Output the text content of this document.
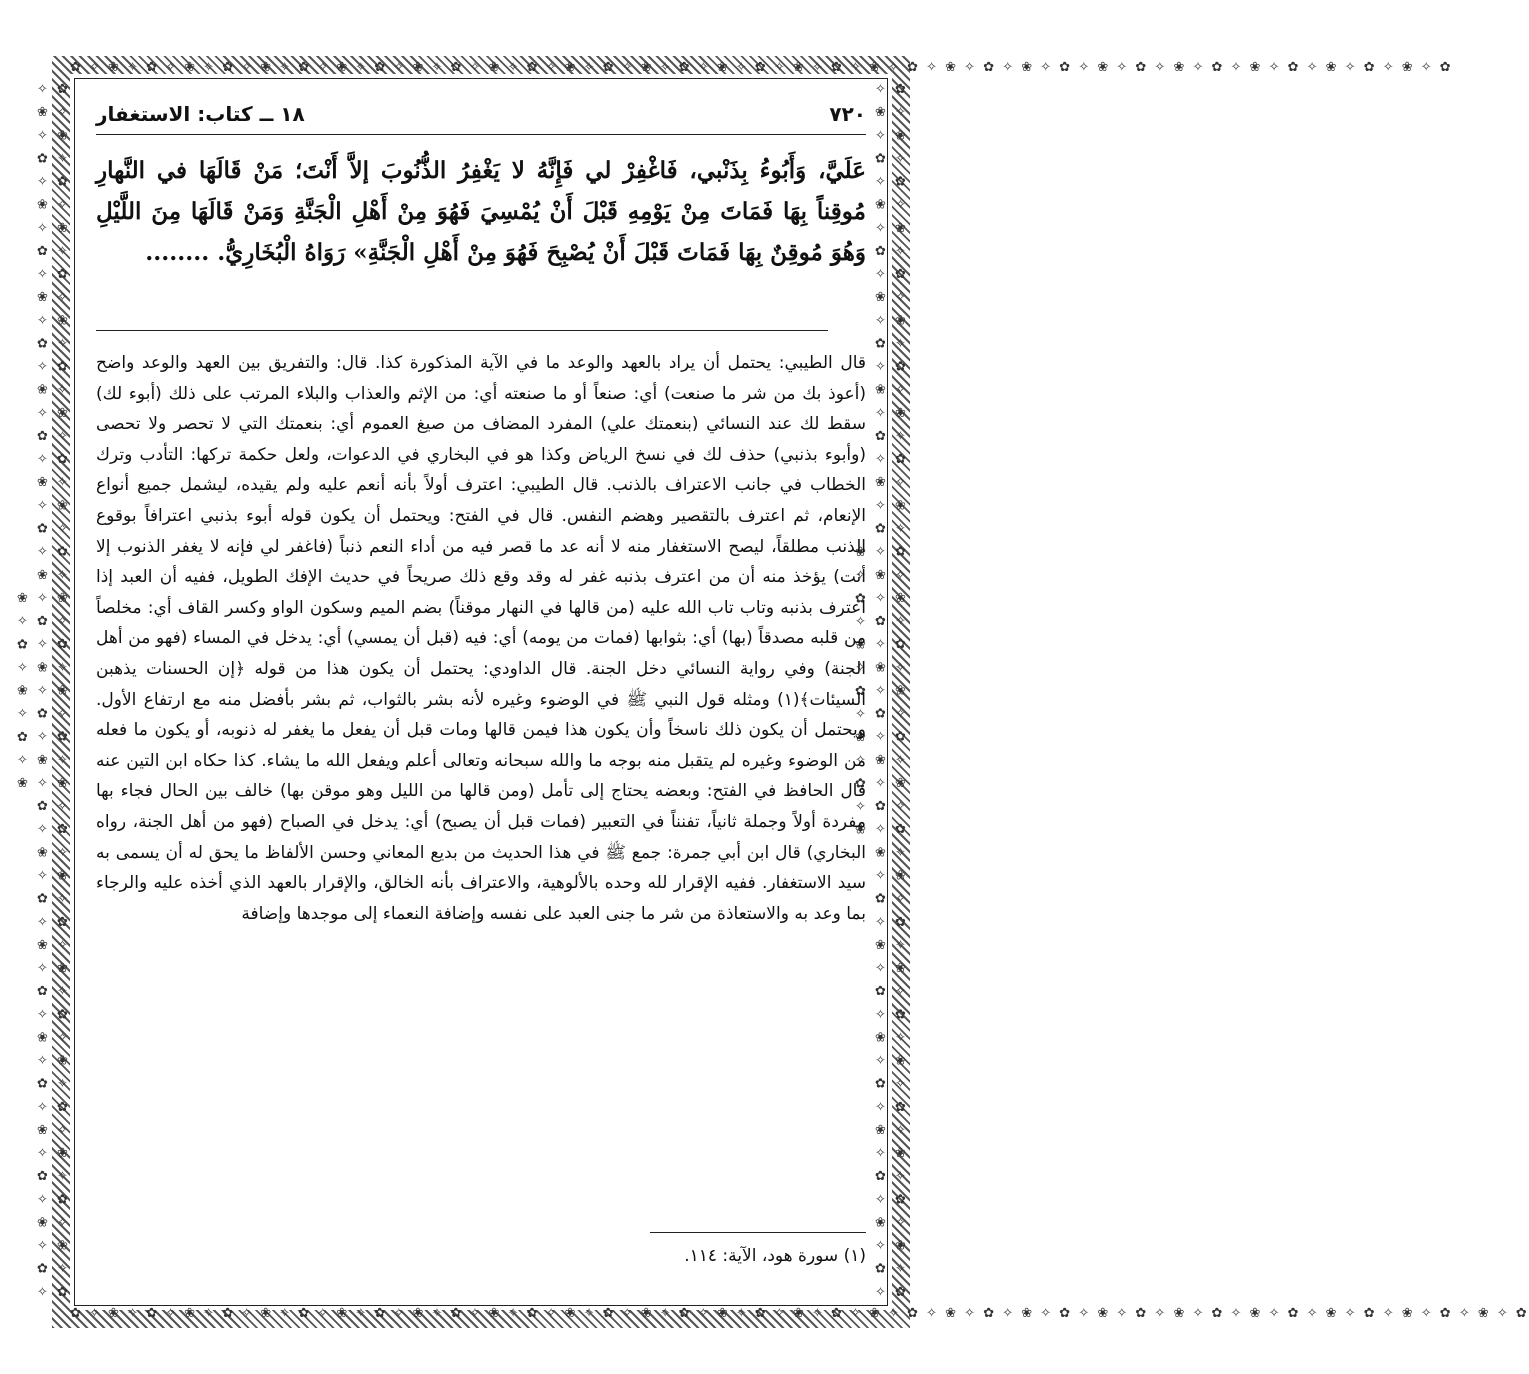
✿ ✧ ❀ ✧ ✿ ✧ ❀ ✧ ✿ ✧ ❀ ✧ ✿ ✧ ❀ ✧ ✿ ✧ ❀ ✧ ✿ ✧ ❀ ✧ ✿ ✧ ❀ ✧ ✿ ✧ ❀ ✧ ✿ ✧ ❀ ✧ ✿ ✧ ❀ ✧ ✿ ✧ ❀ ✧ ✿ ✧ ❀ ✧ ✿ ✧ ❀ ✧ ✿ ✧ ❀ ✧ ✿ ✧ ❀ ✧ ✿ ✧ ❀ ✧ ✿ ✧ ❀ ✧ ✿ ✧ ❀ ✧ ✿
✿ ✧ ❀ ✧ ✿ ✧ ❀ ✧ ✿ ✧ ❀ ✧ ✿ ✧ ❀ ✧ ✿ ✧ ❀ ✧ ✿ ✧ ❀ ✧ ✿ ✧ ❀ ✧ ✿ ✧ ❀ ✧ ✿ ✧ ❀ ✧ ✿ ✧ ❀ ✧ ✿ ✧ ❀ ✧ ✿ ✧ ❀ ✧ ✿ ✧ ❀ ✧ ✿ ✧ ❀ ✧ ✿ ✧ ❀ ✧ ✿ ✧ ❀ ✧ ✿ ✧ ❀ ✧ ✿ ✧ ❀ ✧ ✿ ✧ ❀ ✧ ✿
✿ ✧ ❀ ✧ ✿ ✧ ❀ ✧ ✿ ✧ ❀ ✧ ✿ ✧ ❀ ✧ ✿ ✧ ❀ ✧ ✿ ✧ ❀ ✧ ✿ ✧ ❀ ✧ ✿ ✧ ❀ ✧ ✿ ✧ ❀ ✧ ✿ ✧ ❀ ✧ ✿ ✧ ❀ ✧ ✿ ✧ ❀ ✧ ✿ ✧ ❀ ✧ ✿ ✧ ❀ ✧ ✿ ✧ ❀ ✧ ✿ ✧ ❀ ✧ ✿ ✧ ❀ ✧ ✿ ✧ ❀ ✧ ✿ ✧ ❀ ✧ ✿ ✧ ❀ ✧ ✿ ✧ ❀ ✧ ✿ ✧ ❀ ✧ ✿ ✧ ❀ ✧ ✿ ✧ ❀ ✧ ✿ ✧ ❀ ✧ ✿ ✧ ❀ ✧ ✿ ✧ ❀ ✧ ✿ ✧ ❀ ✧ ✿ ✧ ❀	✿ ✧ ❀ ✧ ✿ ✧ ❀ ✧ ✿ ✧ ❀ ✧ ✿ ✧ ❀ ✧ ✿ ✧ ❀ ✧ ✿ ✧ ❀ ✧ ✿ ✧ ❀ ✧ ✿ ✧ ❀ ✧ ✿ ✧ ❀ ✧ ✿ ✧ ❀ ✧ ✿ ✧ ❀ ✧ ✿ ✧ ❀ ✧ ✿ ✧ ❀ ✧ ✿ ✧ ❀ ✧ ✿ ✧ ❀ ✧ ✿ ✧ ❀ ✧ ✿ ✧ ❀ ✧ ✿ ✧ ❀ ✧ ✿ ✧ ❀ ✧ ✿ ✧ ❀ ✧ ✿ ✧ ❀ ✧ ✿ ✧ ❀ ✧ ✿ ✧ ❀ ✧ ✿ ✧ ❀ ✧ ✿ ✧ ❀ ✧ ✿ ✧ ❀ ✧ ✿ ✧ ❀ ✧ ✿ ✧ ❀ ✧ ✿ ✧ ❀ ✧ ✿ ✧ ❀
٧٢٠
١٨ ــ كتاب: الاستغفار
عَلَيَّ، وَأَبُوءُ بِذَنْبي، فَاغْفِرْ لي فَإِنَّهُ لا يَغْفِرُ الذُّنُوبَ إلاَّ أَنْتَ؛ مَنْ قَالَهَا في النَّهارِ مُوقِناً بِهَا فَمَاتَ مِنْ يَوْمِهِ قَبْلَ أَنْ يُمْسِيَ فَهُوَ مِنْ أَهْلِ الْجَنَّةِ وَمَنْ قَالَهَا مِنَ اللَّيْلِ وَهُوَ مُوقِنٌ بِهَا فَمَاتَ قَبْلَ أَنْ يُصْبِحَ فَهُوَ مِنْ أَهْلِ الْجَنَّةِ» رَوَاهُ الْبُخَارِيُّ. ........
قال الطيبي: يحتمل أن يراد بالعهد والوعد ما في الآية المذكورة كذا. قال: والتفريق بين العهد والوعد واضح (أعوذ بك من شر ما صنعت) أي: صنعاً أو ما صنعته أي: من الإثم والعذاب والبلاء المرتب على ذلك (أبوء لك) سقط لك عند النسائي (بنعمتك علي) المفرد المضاف من صيغ العموم أي: بنعمتك التي لا تحصر ولا تحصى (وأبوء بذنبي) حذف لك في نسخ الرياض وكذا هو في البخاري في الدعوات، ولعل حكمة تركها: التأدب وترك الخطاب في جانب الاعتراف بالذنب. قال الطيبي: اعترف أولاً بأنه أنعم عليه ولم يقيده، ليشمل جميع أنواع الإنعام، ثم اعترف بالتقصير وهضم النفس. قال في الفتح: ويحتمل أن يكون قوله أبوء بذنبي اعترافاً بوقوع الذنب مطلقاً، ليصح الاستغفار منه لا أنه عد ما قصر فيه من أداء النعم ذنباً (فاغفر لي فإنه لا يغفر الذنوب إلا أنت) يؤخذ منه أن من اعترف بذنبه غفر له وقد وقع ذلك صريحاً في حديث الإفك الطويل، ففيه أن العبد إذا اعترف بذنبه وتاب تاب الله عليه (من قالها في النهار موقناً) بضم الميم وسكون الواو وكسر القاف أي: مخلصاً من قلبه مصدقاً (بها) أي: بثوابها (فمات من يومه) أي: فيه (قبل أن يمسي) أي: يدخل في المساء (فهو من أهل الجنة) وفي رواية النسائي دخل الجنة. قال الداودي: يحتمل أن يكون هذا من قوله ﴿إن الحسنات يذهبن السيئات﴾(١) ومثله قول النبي ﷺ في الوضوء وغيره لأنه بشر بالثواب، ثم بشر بأفضل منه مع ارتفاع الأول. ويحتمل أن يكون ذلك ناسخاً وأن يكون هذا فيمن قالها ومات قبل أن يفعل ما يغفر له ذنوبه، أو يكون ما فعله من الوضوء وغيره لم يتقبل منه بوجه ما والله سبحانه وتعالى أعلم ويفعل الله ما يشاء. كذا حكاه ابن التين عنه قال الحافظ في الفتح: وبعضه يحتاج إلى تأمل (ومن قالها من الليل وهو موقن بها) خالف بين الحال فجاء بها مفردة أولاً وجملة ثانياً، تفنناً في التعبير (فمات قبل أن يصبح) أي: يدخل في الصباح (فهو من أهل الجنة، رواه البخاري) قال ابن أبي جمرة: جمع ﷺ في هذا الحديث من بديع المعاني وحسن الألفاظ ما يحق له أن يسمى به سيد الاستغفار. ففيه الإقرار لله وحده بالألوهية، والاعتراف بأنه الخالق، والإقرار بالعهد الذي أخذه عليه والرجاء بما وعد به والاستعاذة من شر ما جنى العبد على نفسه وإضافة النعماء إلى موجدها وإضافة
(١) سورة هود، الآية: ١١٤.
